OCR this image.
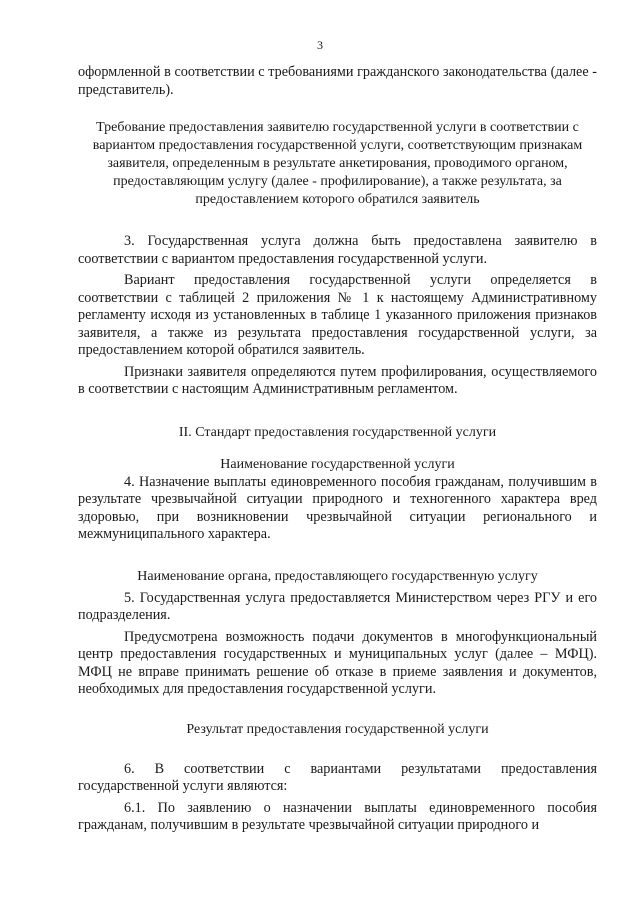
3

оформленной в соответствии с требованиями гражданского законодательства (далее - представитель).

Требование предоставления заявителю государственной услуги в соответствии с вариантом предоставления государственной услуги, соответствующим признакам заявителя, определенным в результате анкетирования, проводимого органом, предоставляющим услугу (далее - профилирование), а также результата, за предоставлением которого обратился заявитель

3. Государственная услуга должна быть предоставлена заявителю в соответствии с вариантом предоставления государственной услуги.

Вариант предоставления государственной услуги определяется в соответствии с таблицей 2 приложения № 1 к настоящему Административному регламенту исходя из установленных в таблице 1 указанного приложения признаков заявителя, а также из результата предоставления государственной услуги, за предоставлением которой обратился заявитель.

Признаки заявителя определяются путем профилирования, осуществляемого в соответствии с настоящим Административным регламентом.

II. Стандарт предоставления государственной услуги

Наименование государственной услуги

4. Назначение выплаты единовременного пособия гражданам, получившим в результате чрезвычайной ситуации природного и техногенного характера вред здоровью, при возникновении чрезвычайной ситуации регионального и межмуниципального характера.

Наименование органа, предоставляющего государственную услугу

5. Государственная услуга предоставляется Министерством через РГУ и его подразделения.

Предусмотрена возможность подачи документов в многофункциональный центр предоставления государственных и муниципальных услуг (далее – МФЦ). МФЦ не вправе принимать решение об отказе в приеме заявления и документов, необходимых для предоставления государственной услуги.

Результат предоставления государственной услуги

6. В соответствии с вариантами результатами предоставления государственной услуги являются:

6.1. По заявлению о назначении выплаты единовременного пособия гражданам, получившим в результате чрезвычайной ситуации природного и
